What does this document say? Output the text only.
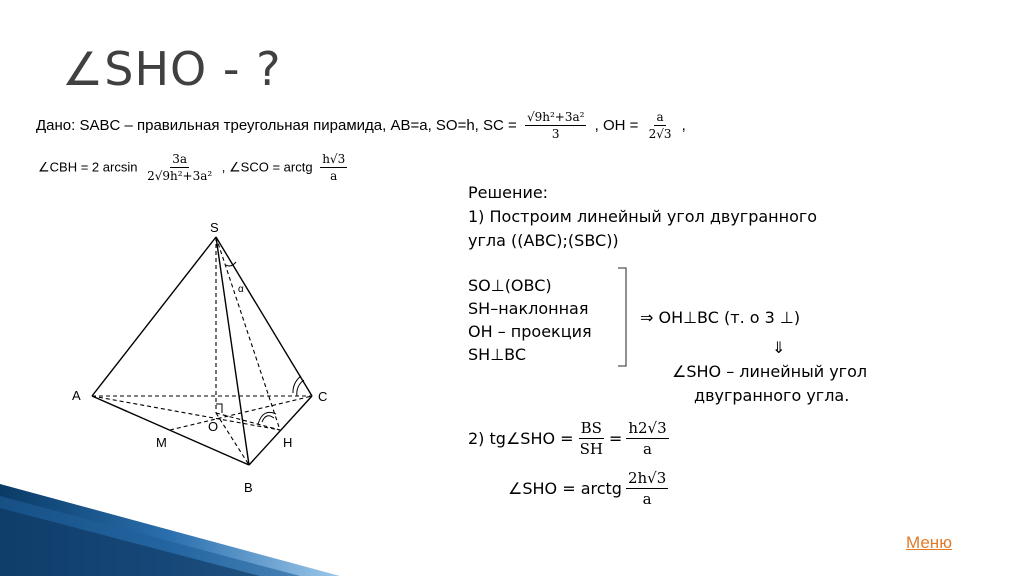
∠SHO - ?
Дано: SABC – правильная треугольная пирамида, AB=a, SO=h, SC = $\frac{\text{√9h²+3a²}}{3}$ , OH = $\frac{a}{2√3}$ ,
∠CBH = 2 $\arcsin \frac{3a}{\text{2√9h²+3a²}}$ , ∠SCO = arctg $\frac{h√3}{a}$
S
A	C
B
O
M	H
α
Решение:
1) Построим линейный угол двугранного
угла ((ABC);(SBC))
SO⊥(OBC)
SH–наклонная
OH – проекция
SH⊥BC
⇒ OH⊥BC (т. о 3 ⊥)
⇓
∠SHO – линейный угол
двугранного угла.
2) tg∠SHO = $\frac{BS}{SH} = \frac{h2√3}{a}$
∠SHO = arctg $\frac{2h√3}{a}$
Меню
